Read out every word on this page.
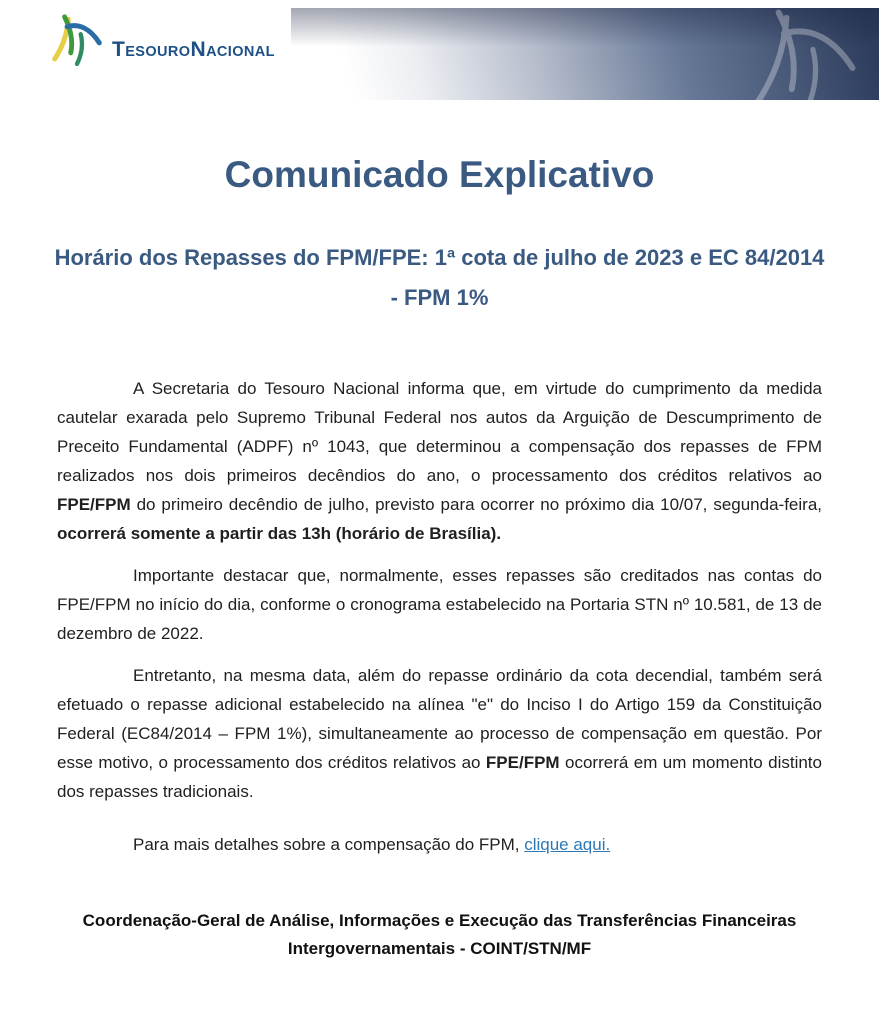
TESOURONACIONAL
Comunicado Explicativo
Horário dos Repasses do FPM/FPE: 1ª cota de julho de 2023 e EC 84/2014 - FPM 1%

A Secretaria do Tesouro Nacional informa que, em virtude do cumprimento da medida cautelar exarada pelo Supremo Tribunal Federal nos autos da Arguição de Descumprimento de Preceito Fundamental (ADPF) nº 1043, que determinou a compensação dos repasses de FPM realizados nos dois primeiros decêndios do ano, o processamento dos créditos relativos ao FPE/FPM do primeiro decêndio de julho, previsto para ocorrer no próximo dia 10/07, segunda-feira, ocorrerá somente a partir das 13h (horário de Brasília).

Importante destacar que, normalmente, esses repasses são creditados nas contas do FPE/FPM no início do dia, conforme o cronograma estabelecido na Portaria STN nº 10.581, de 13 de dezembro de 2022.

Entretanto, na mesma data, além do repasse ordinário da cota decendial, também será efetuado o repasse adicional estabelecido na alínea "e" do Inciso I do Artigo 159 da Constituição Federal (EC84/2014 – FPM 1%), simultaneamente ao processo de compensação em questão. Por esse motivo, o processamento dos créditos relativos ao FPE/FPM ocorrerá em um momento distinto dos repasses tradicionais.

Para mais detalhes sobre a compensação do FPM, clique aqui.

Coordenação-Geral de Análise, Informações e Execução das Transferências Financeiras Intergovernamentais - COINT/STN/MF
